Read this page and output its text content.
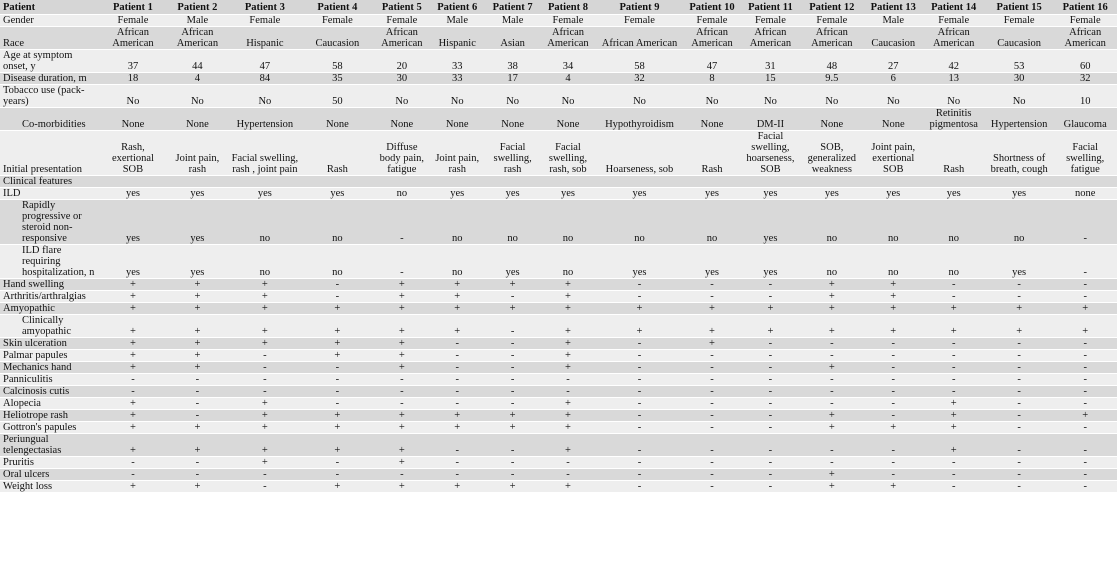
Patient	Patient 1	Patient 2	Patient 3	Patient 4	Patient 5	Patient 6	Patient 7	Patient 8	Patient 9	Patient 10	Patient 11	Patient 12	Patient 13	Patient 14	Patient 15	Patient 16
Gender	Female	Male	Female	Female	Female	Male	Male	Female	Female	Female	Female	Female	Male	Female	Female	Female
Race	African American	African American	Hispanic	Caucasion	African American	Hispanic	Asian	African American	African American	African American	African American	African American	Caucasion	African American	Caucasion	African American
Age at symptom onset, y	37	44	47	58	20	33	38	34	58	47	31	48	27	42	53	60
Disease duration, m	18	4	84	35	30	33	17	4	32	8	15	9.5	6	13	30	32
Tobacco use (pack-years)	No	No	No	50	No	No	No	No	No	No	No	No	No	No	No	10
Co-morbidities	None	None	Hypertension	None	None	None	None	None	Hypothyroidism	None	DM-II	None	None	Retinitis pigmentosa	Hypertension	Glaucoma
Initial presentation	Rash, exertional SOB	Joint pain, rash	Facial swelling, rash , joint pain	Rash	Diffuse body pain, fatigue	Joint pain, rash	Facial swelling, rash	Facial swelling, rash, sob	Hoarseness, sob	Rash	Facial swelling, hoarseness, SOB	SOB, generalized weakness	Joint pain, exertional SOB	Rash	Shortness of breath, cough	Facial swelling, fatigue
Clinical features																
ILD	yes	yes	yes	yes	no	yes	yes	yes	yes	yes	yes	yes	yes	yes	yes	none
Rapidly progressive or steroid non-responsive	yes	yes	no	no	-	no	no	no	no	no	yes	no	no	no	no	-
ILD flare requiring hospitalization, n	yes	yes	no	no	-	no	yes	no	yes	yes	yes	no	no	no	yes	-
Hand swelling	+	+	+	-	+	+	+	+	-	-	-	+	+	-	-	-
Arthritis/arthralgias	+	+	+	-	+	+	-	+	-	-	-	+	+	-	-	-
Amyopathic	+	+	+	+	+	+	+	+	+	+	+	+	+	+	+	+
Clinically amyopathic	+	+	+	+	+	+	-	+	+	+	+	+	+	+	+	+
Skin ulceration	+	+	+	+	+	-	-	+	-	+	-	-	-	-	-	-
Palmar papules	+	+	-	+	+	-	-	+	-	-	-	-	-	-	-	-
Mechanics hand	+	+	-	-	+	-	-	+	-	-	-	+	-	-	-	-
Panniculitis	-	-	-	-	-	-	-	-	-	-	-	-	-	-	-	-
Calcinosis cutis	-	-	-	-	-	-	-	-	-	-	-	-	-	-	-	-
Alopecia	+	-	+	-	-	-	-	+	-	-	-	-	-	+	-	-
Heliotrope rash	+	-	+	+	+	+	+	+	-	-	-	+	-	+	-	+
Gottron's papules	+	+	+	+	+	+	+	+	-	-	-	+	+	+	-	-
Periungual telengectasias	+	+	+	+	+	-	-	+	-	-	-	-	-	+	-	-
Pruritis	-	-	+	-	+	-	-	-	-	-	-	-	-	-	-	-
Oral ulcers	-	-	-	-	-	-	-	-	-	-	-	+	-	-	-	-
Weight loss	+	+	-	+	+	+	+	+	-	-	-	+	+	-	-	-
